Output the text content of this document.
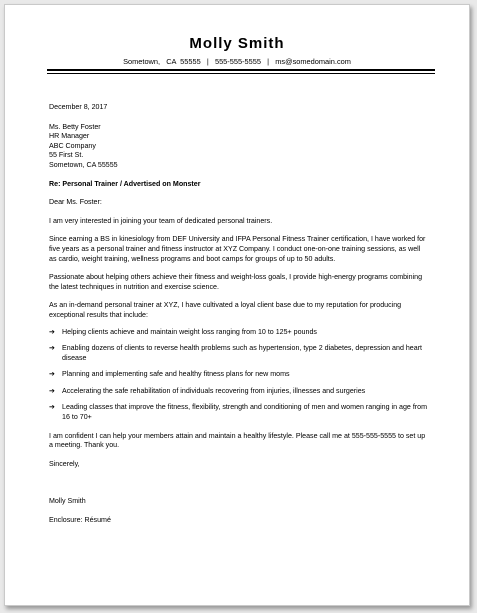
Molly Smith
Sometown,   CA  55555   |   555-555-5555   |   ms@somedomain.com

December 8, 2017

Ms. Betty Foster

HR Manager

ABC Company

55 First St.

Sometown, CA 55555

Re: Personal Trainer / Advertised on Monster

Dear Ms. Foster:

I am very interested in joining your team of dedicated personal trainers.

Since earning a BS in kinesiology from DEF University and IFPA Personal Fitness Trainer certification, I have worked for five years as a personal trainer and fitness instructor at XYZ Company. I conduct one-on-one training sessions, as well as cardio, weight training, wellness programs and boot camps for groups of up to 50 adults.

Passionate about helping others achieve their fitness and weight-loss goals, I provide high-energy programs combining the latest techniques in nutrition and exercise science.

As an in-demand personal trainer at XYZ, I have cultivated a loyal client base due to my reputation for producing exceptional results that include:

➔ Helping clients achieve and maintain weight loss ranging from 10 to 125+ pounds
➔ Enabling dozens of clients to reverse health problems such as hypertension, type 2 diabetes, depression and heart disease
➔ Planning and implementing safe and healthy fitness plans for new moms
➔ Accelerating the safe rehabilitation of individuals recovering from injuries, illnesses and surgeries
➔ Leading classes that improve the fitness, flexibility, strength and conditioning of men and women ranging in age from 16 to 70+

I am confident I can help your members attain and maintain a healthy lifestyle. Please call me at 555-555-5555 to set up a meeting. Thank you.

Sincerely,

Molly Smith

Enclosure: Résumé
